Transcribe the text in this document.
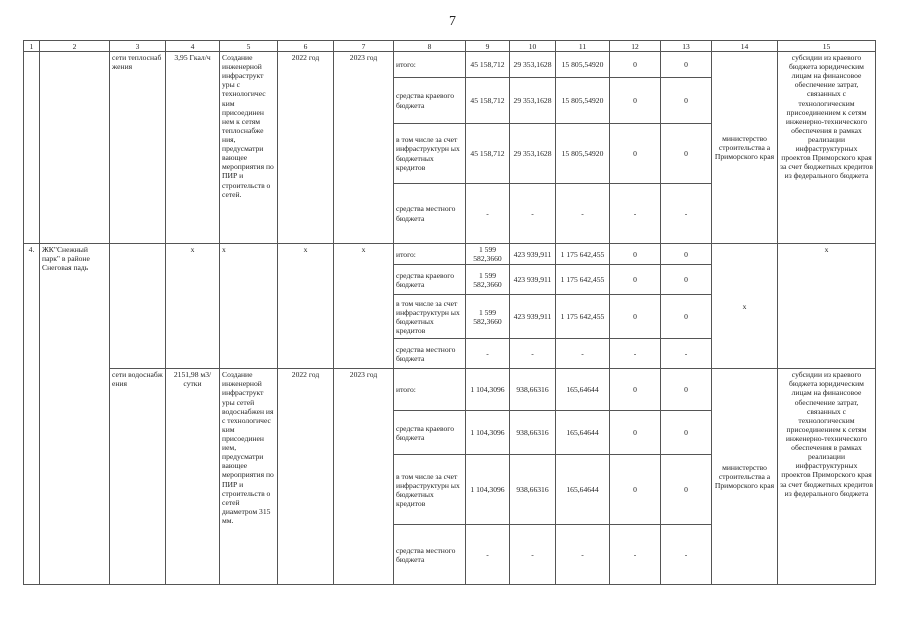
7
1	2	3	4	5	6	7	8	9	10	11	12	13	14	15
		сети теплоснаб жения	3,95 Гкал/ч	Создание инженерной инфраструкт уры с технологичес ким присоединен нем к сетям теплоснабже ния, предусматри вающее мероприятия по ПИР и строительств о сетей.	2022 год	2023 год	итого:	45 158,712	29 353,1628	15 805,54920	0	0	министерство строительства а Приморского края	субсидии из краевого бюджета юридическим лицам на финансовое обеспечение затрат, связанных с технологическим присоединением к сетям инженерно-технического обеспечения в рамках реализации инфраструктурных проектов Приморского края за счет бюджетных кредитов из федерального бюджета
							средства краевого бюджета	45 158,712	29 353,1628	15 805,54920	0	0		
							в том числе за счет инфраструктурн ых бюджетных кредитов	45 158,712	29 353,1628	15 805,54920	0	0		
							средства местного бюджета	-	-	-	-	-		
4.	ЖК"Снежный парк" в районе Снеговая падь		х	х	х	х	итого:	1 599 582,3660	423 939,911	1 175 642,455	0	0	х	х
							средства краевого бюджета	1 599 582,3660	423 939,911	1 175 642,455	0	0		
							в том числе за счет инфраструктурн ых бюджетных кредитов	1 599 582,3660	423 939,911	1 175 642,455	0	0		
							средства местного бюджета	-	-	-	-	-		
		сети водоснабж ения	2151,98 м3/сутки	Создание инженерной инфраструкт уры сетей водоснабжен ия с технологичес ким присоединен ием, предусматри вающее мероприятия по ПИР и строительств о сетей диаметром 315 мм.	2022 год	2023 год	итого:	1 104,3096	938,66316	165,64644	0	0	министерство строительства а Приморского края	субсидии из краевого бюджета юридическим лицам на финансовое обеспечение затрат, связанных с технологическим присоединением к сетям инженерно-технического обеспечения в рамках реализации инфраструктурных проектов Приморского края за счет бюджетных кредитов из федерального бюджета
							средства краевого бюджета	1 104,3096	938,66316	165,64644	0	0		
							в том числе за счет инфраструктурн ых бюджетных кредитов	1 104,3096	938,66316	165,64644	0	0		
							средства местного бюджета	-	-	-	-	-		
